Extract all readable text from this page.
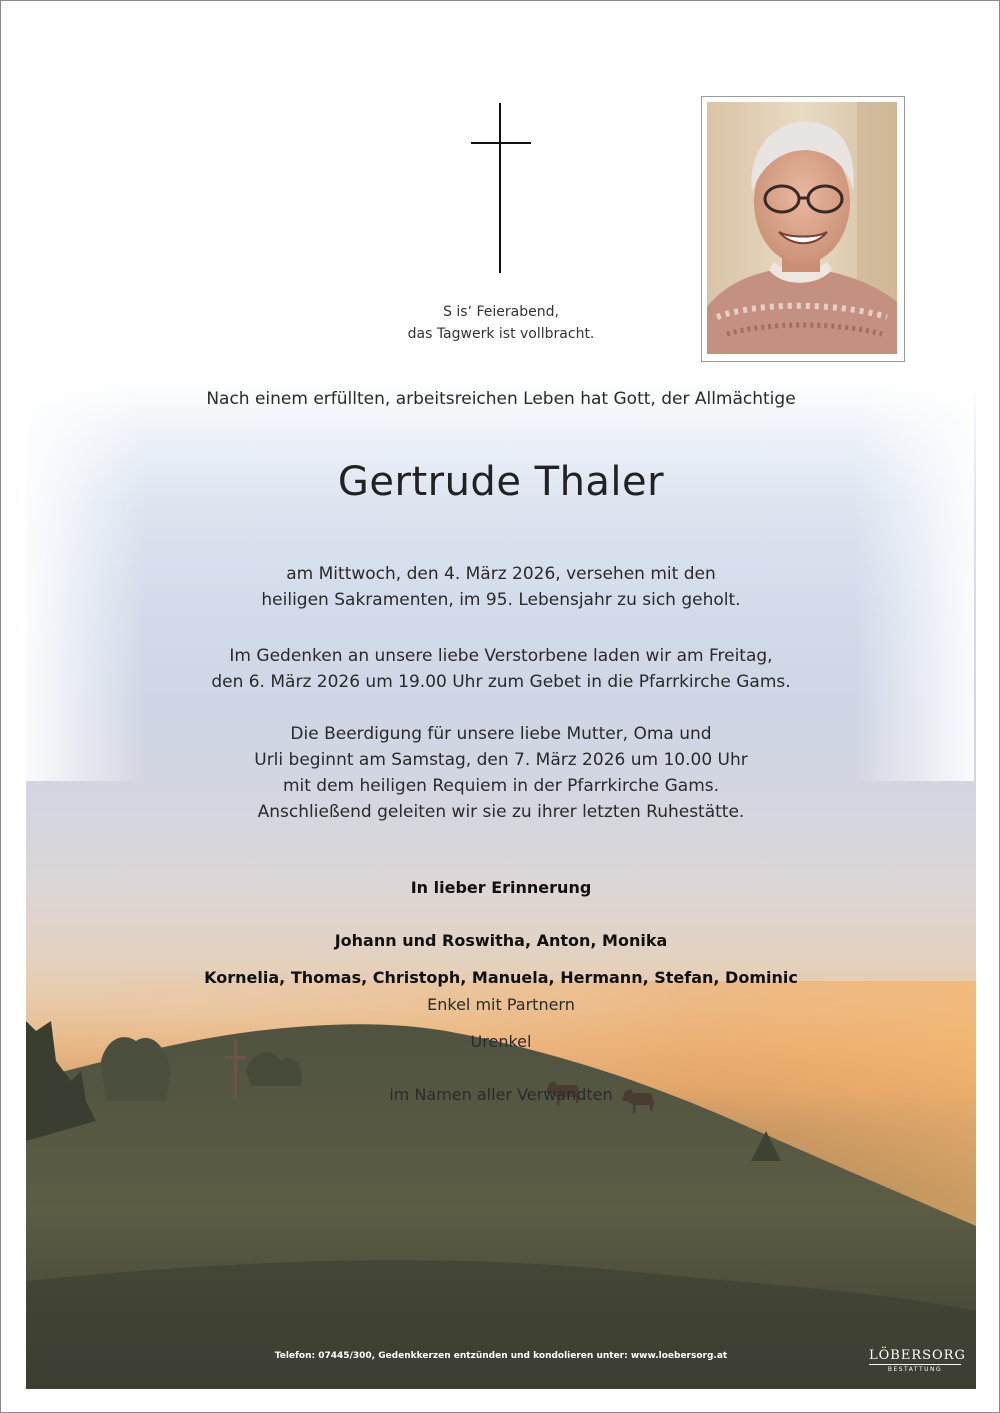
S is‘ Feierabend,
das Tagwerk ist vollbracht.
Nach einem erfüllten, arbeitsreichen Leben hat Gott, der Allmächtige
Gertrude Thaler
am Mittwoch, den 4. März 2026, versehen mit den
heiligen Sakramenten, im 95. Lebensjahr zu sich geholt.
Im Gedenken an unsere liebe Verstorbene laden wir am Freitag,
den 6. März 2026 um 19.00 Uhr zum Gebet in die Pfarrkirche Gams.
Die Beerdigung für unsere liebe Mutter, Oma und
Urli beginnt am Samstag, den 7. März 2026 um 10.00 Uhr
mit dem heiligen Requiem in der Pfarrkirche Gams.
Anschließend geleiten wir sie zu ihrer letzten Ruhestätte.
In lieber Erinnerung
Johann und Roswitha, Anton, Monika
Kornelia, Thomas, Christoph, Manuela, Hermann, Stefan, Dominic
Enkel mit Partnern
Urenkel
im Namen aller Verwandten
Telefon: 07445/300, Gedenkkerzen entzünden und kondolieren unter: www.loebersorg.at	LÖBERSORG
BESTATTUNG
